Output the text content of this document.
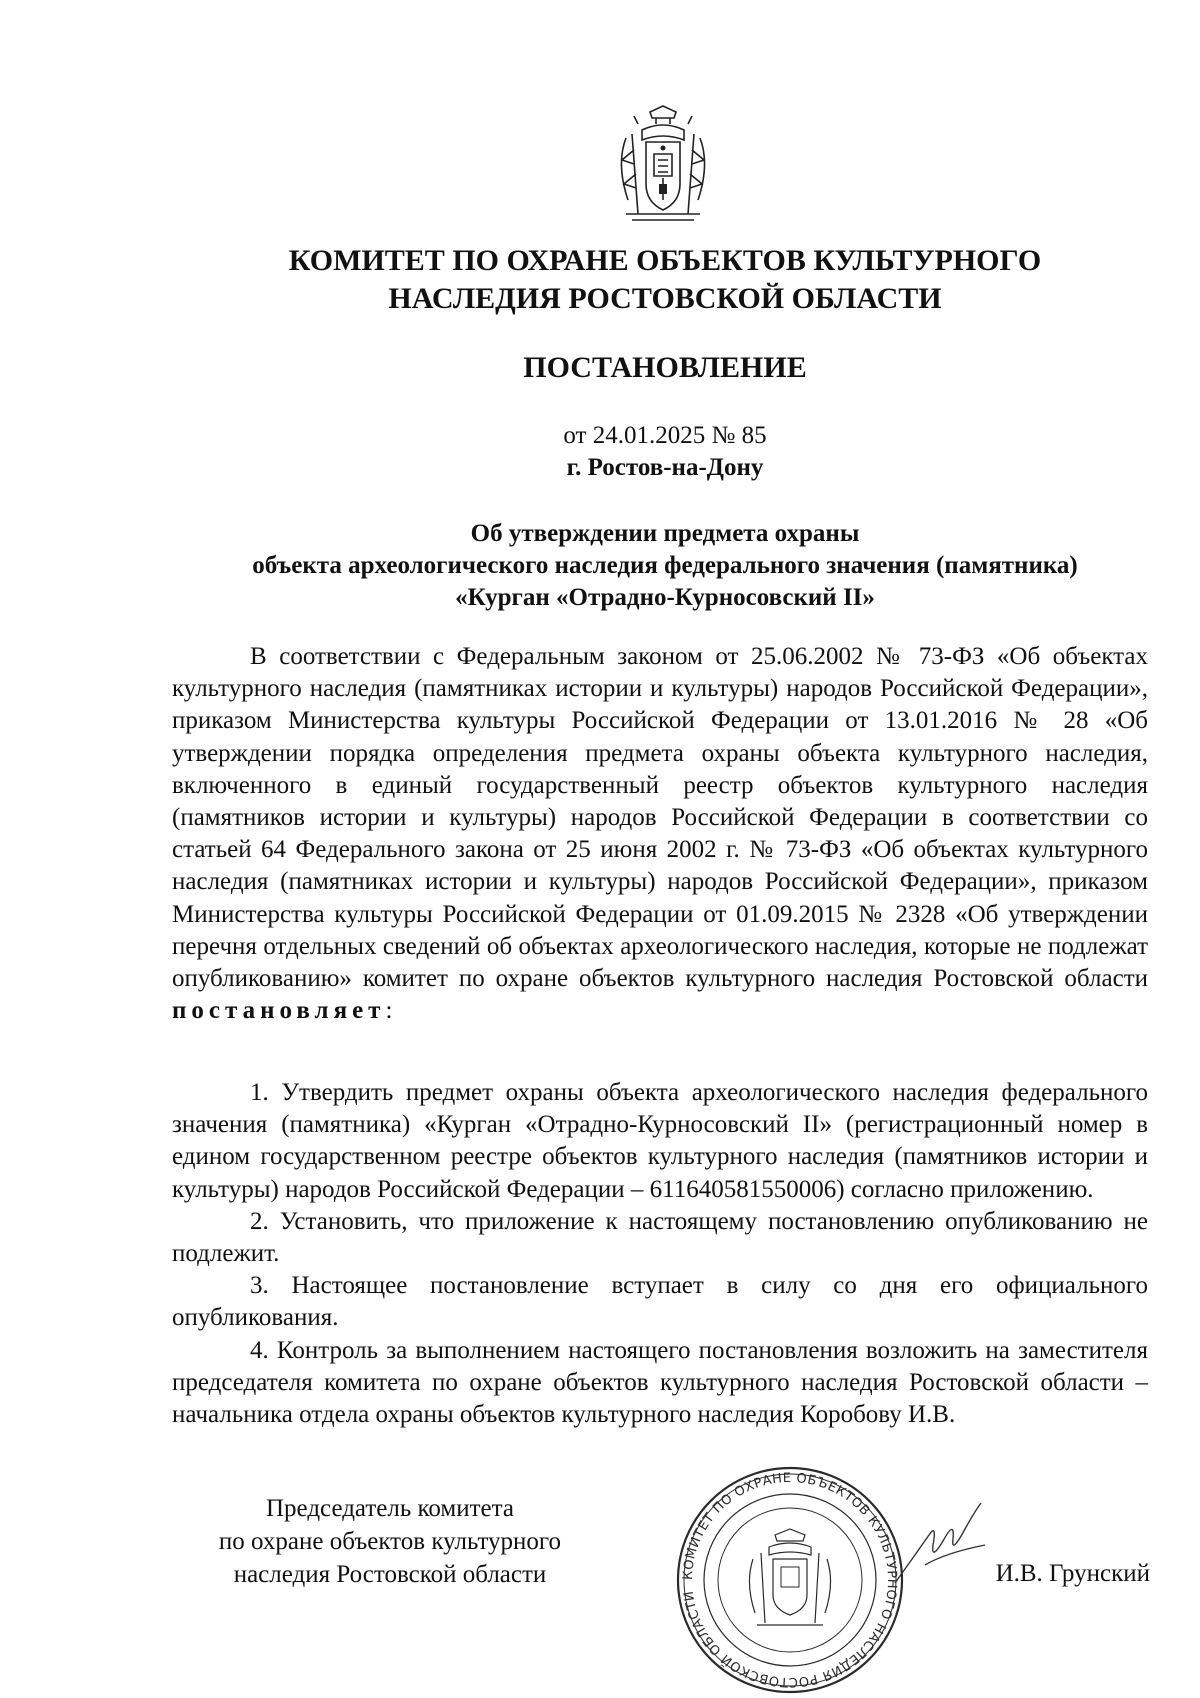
КОМИТЕТ ПО ОХРАНЕ ОБЪЕКТОВ КУЛЬТУРНОГО
НАСЛЕДИЯ РОСТОВСКОЙ ОБЛАСТИ
ПОСТАНОВЛЕНИЕ
от 24.01.2025 № 85
г. Ростов-на-Дону
Об утверждении предмета охраны
объекта археологического наследия федерального значения (памятника)
«Курган «Отрадно-Курносовский II»

В соответствии с Федеральным законом от 25.06.2002 № 73-ФЗ «Об объектах культурного наследия (памятниках истории и культуры) народов Российской Федерации», приказом Министерства культуры Российской Федерации от 13.01.2016 № 28 «Об утверждении порядка определения предмета охраны объекта культурного наследия, включенного в единый государственный реестр объектов культурного наследия (памятников истории и культуры) народов Российской Федерации в соответствии со статьей 64 Федерального закона от 25 июня 2002 г. № 73-ФЗ «Об объектах культурного наследия (памятниках истории и культуры) народов Российской Федерации», приказом Министерства культуры Российской Федерации от 01.09.2015 № 2328 «Об утверждении перечня отдельных сведений об объектах археологического наследия, которые не подлежат опубликованию» комитет по охране объектов культурного наследия Ростовской области постановляет:

1. Утвердить предмет охраны объекта археологического наследия федерального значения (памятника) «Курган «Отрадно-Курносовский II» (регистрационный номер в едином государственном реестре объектов культурного наследия (памятников истории и культуры) народов Российской Федерации – 611640581550006) согласно приложению.

2. Установить, что приложение к настоящему постановлению опубликованию не подлежит.

3. Настоящее постановление вступает в силу со дня его официального опубликования.

4. Контроль за выполнением настоящего постановления возложить на заместителя председателя комитета по охране объектов культурного наследия Ростовской области – начальника отдела охраны объектов культурного наследия Коробову И.В.

КОМИТЕТ ПО ОХРАНЕ ОБЪЕКТОВ КУЛЬТУРНОГО НАСЛЕДИЯ РОСТОВСКОЙ ОБЛАСТИ
Председатель комитета
по охране объектов культурного
наследия Ростовской области	И.В. Грунский
